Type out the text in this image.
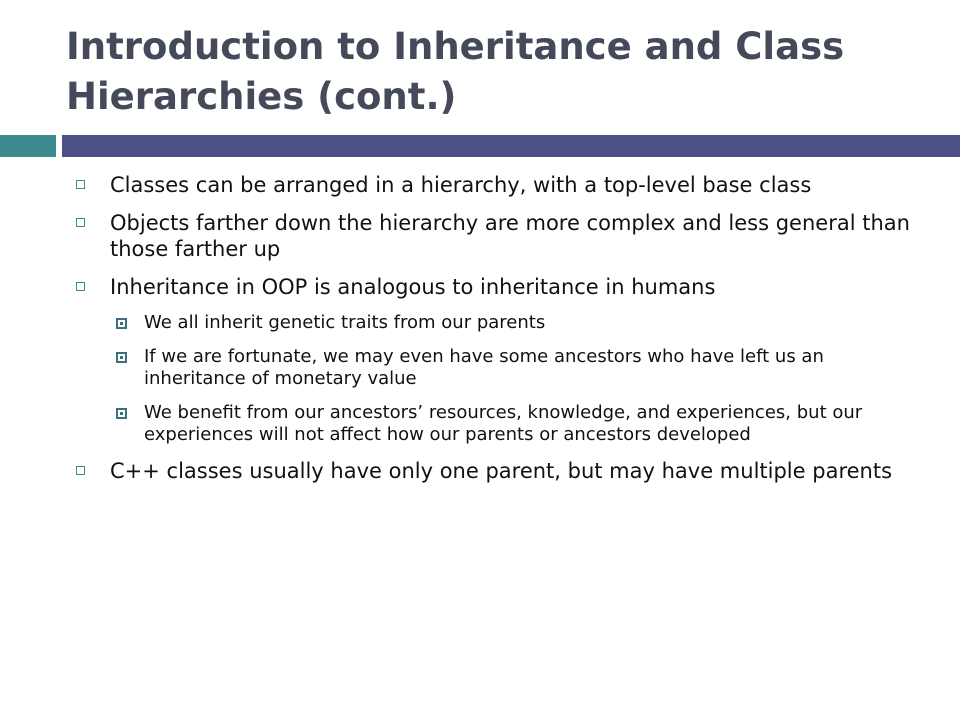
Introduction to Inheritance and Class Hierarchies (cont.)
Classes can be arranged in a hierarchy, with a top-level base class
Objects farther down the hierarchy are more complex and less general than those farther up
Inheritance in OOP is analogous to inheritance in humans
We all inherit genetic traits from our parents
If we are fortunate, we may even have some ancestors who have left us an inheritance of monetary value
We benefit from our ancestors’ resources, knowledge, and experiences, but our experiences will not affect how our parents or ancestors developed
C++ classes usually have only one parent, but may have multiple parents
